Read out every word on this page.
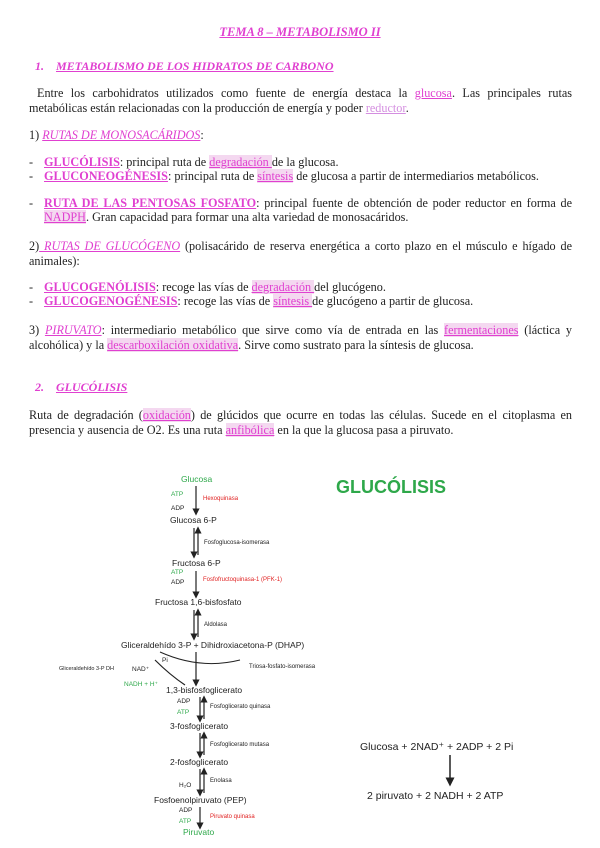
TEMA 8 – METABOLISMO II
1. METABOLISMO DE LOS HIDRATOS DE CARBONO
Entre los carbohidratos utilizados como fuente de energía destaca la glucosa. Las principales rutas metabólicas están relacionadas con la producción de energía y poder reductor.
1) RUTAS DE MONOSACÁRIDOS:
- GLUCÓLISIS: principal ruta de degradación de la glucosa.
- GLUCONEOGÉNESIS: principal ruta de síntesis de glucosa a partir de intermediarios metabólicos.
- RUTA DE LAS PENTOSAS FOSFATO: principal fuente de obtención de poder reductor en forma de NADPH. Gran capacidad para formar una alta variedad de monosacáridos.
2) RUTAS DE GLUCÓGENO (polisacárido de reserva energética a corto plazo en el músculo e hígado de animales):
- GLUCOGENÓLISIS: recoge las vías de degradación del glucógeno.
- GLUCOGENOGÉNESIS: recoge las vías de síntesis de glucógeno a partir de glucosa.
3) PIRUVATO: intermediario metabólico que sirve como vía de entrada en las fermentaciones (láctica y alcohólica) y la descarboxilación oxidativa. Sirve como sustrato para la síntesis de glucosa.
2. GLUCÓLISIS
Ruta de degradación (oxidación) de glúcidos que ocurre en todas las células. Sucede en el citoplasma en presencia y ausencia de O2. Es una ruta anfibólica en la que la glucosa pasa a piruvato.
GLUCÓLISIS
Glucosa
Glucosa 6-P
Fructosa 6-P
Fructosa 1,6-bisfosfato
Gliceraldehído 3-P + Dihidroxiacetona-P (DHAP)
1,3-bisfosfoglicerato
3-fosfoglicerato
2-fosfoglicerato
Fosfoenolpiruvato (PEP)
Piruvato
ATP
ADP
ATP
ADP
Pi
NAD⁺
NADH + H⁺
ADP
ATP
H₂O
ADP
ATP
Hexoquinasa
Fosfoglucosa-isomerasa
Fosfofructoquinasa-1 (PFK-1)
Aldolasa
Triosa-fosfato-isomerasa
Gliceraldehído 3-P DH
Fosfoglicerato quinasa
Fosfoglicerato mutasa
Enolasa
Piruvato quinasa
Glucosa + 2NAD⁺ + 2ADP + 2 Pi
2 piruvato + 2 NADH + 2 ATP
